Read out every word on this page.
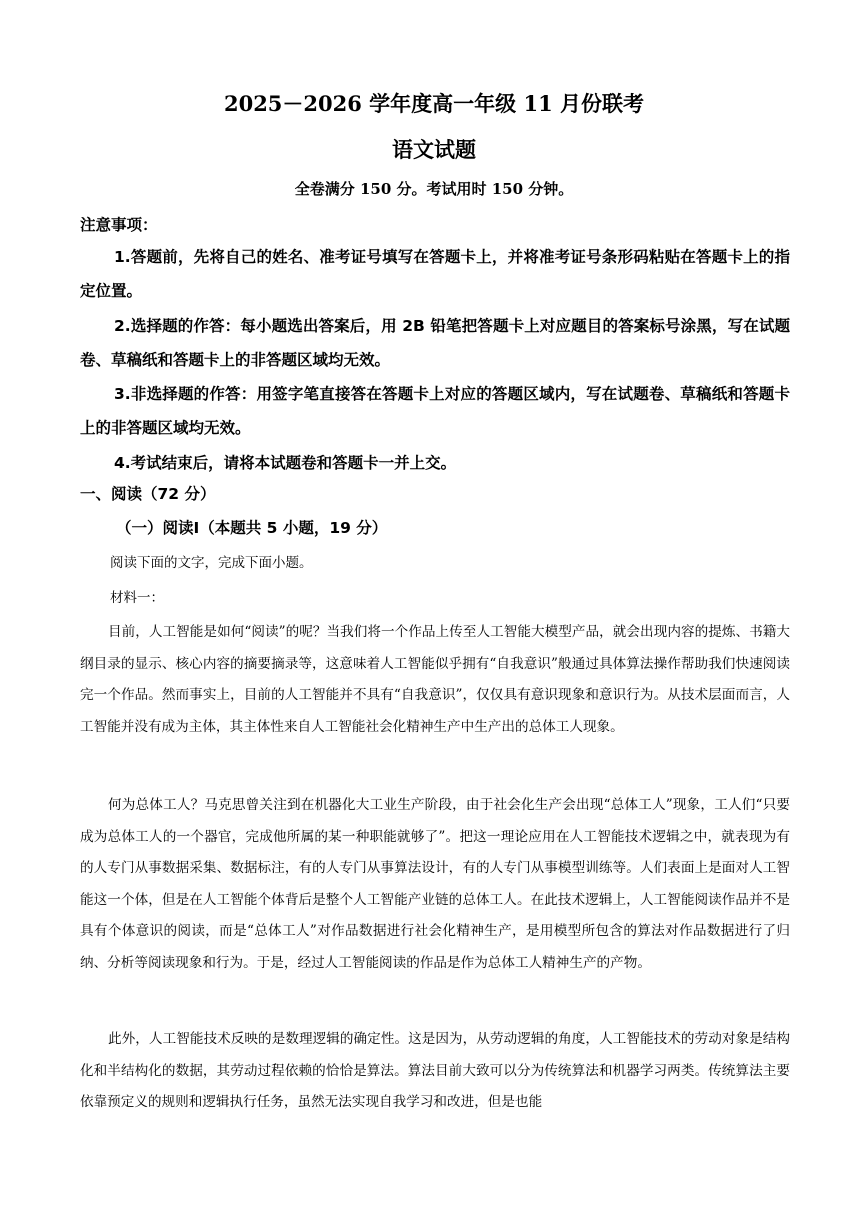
2025－2026 学年度高一年级 11 月份联考
语文试题
全卷满分 150 分。考试用时 150 分钟。
注意事项：
1.答题前，先将自己的姓名、准考证号填写在答题卡上，并将准考证号条形码粘贴在答题卡上的指定位置。
2.选择题的作答：每小题选出答案后，用 2B 铅笔把答题卡上对应题目的答案标号涂黑，写在试题卷、草稿纸和答题卡上的非答题区域均无效。
3.非选择题的作答：用签字笔直接答在答题卡上对应的答题区域内，写在试题卷、草稿纸和答题卡上的非答题区域均无效。
4.考试结束后，请将本试题卷和答题卡一并上交。
一、阅读（72 分）
（一）阅读Ⅰ（本题共 5 小题，19 分）
阅读下面的文字，完成下面小题。
材料一：
目前，人工智能是如何“阅读”的呢？当我们将一个作品上传至人工智能大模型产品，就会出现内容的提炼、书籍大纲目录的显示、核心内容的摘要摘录等，这意味着人工智能似乎拥有“自我意识”般通过具体算法操作帮助我们快速阅读完一个作品。然而事实上，目前的人工智能并不具有“自我意识”，仅仅具有意识现象和意识行为。从技术层面而言，人工智能并没有成为主体，其主体性来自人工智能社会化精神生产中生产出的总体工人现象。
何为总体工人？马克思曾关注到在机器化大工业生产阶段，由于社会化生产会出现“总体工人”现象，工人们“只要成为总体工人的一个器官，完成他所属的某一种职能就够了”。把这一理论应用在人工智能技术逻辑之中，就表现为有的人专门从事数据采集、数据标注，有的人专门从事算法设计，有的人专门从事模型训练等。人们表面上是面对人工智能这一个体，但是在人工智能个体背后是整个人工智能产业链的总体工人。在此技术逻辑上，人工智能阅读作品并不是具有个体意识的阅读，而是“总体工人”对作品数据进行社会化精神生产，是用模型所包含的算法对作品数据进行了归纳、分析等阅读现象和行为。于是，经过人工智能阅读的作品是作为总体工人精神生产的产物。
此外，人工智能技术反映的是数理逻辑的确定性。这是因为，从劳动逻辑的角度，人工智能技术的劳动对象是结构化和半结构化的数据，其劳动过程依赖的恰恰是算法。算法目前大致可以分为传统算法和机器学习两类。传统算法主要依靠预定义的规则和逻辑执行任务，虽然无法实现自我学习和改进，但是也能
